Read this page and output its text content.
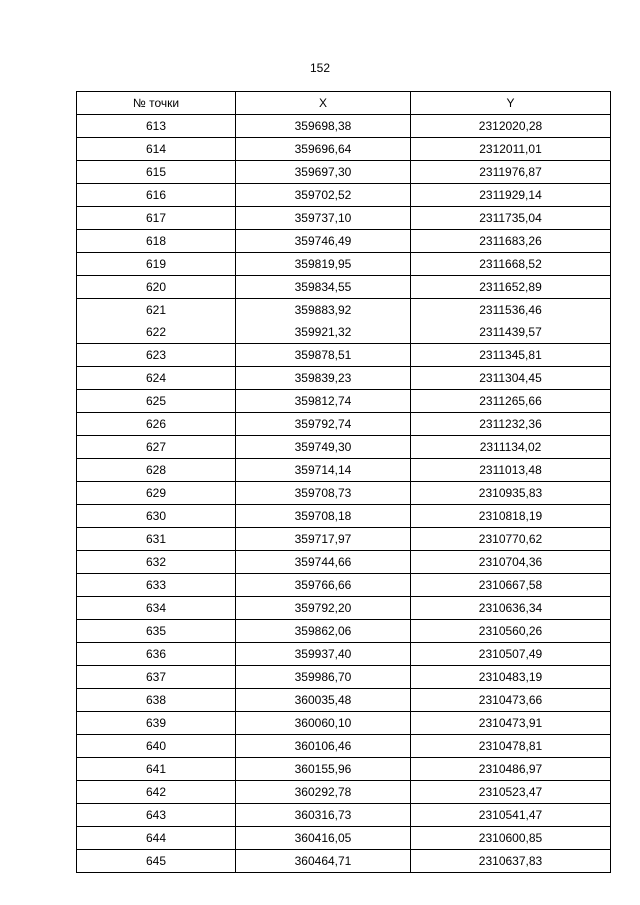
152
№ точки	X	Y
613	359698,38	2312020,28
614	359696,64	2312011,01
615	359697,30	2311976,87
616	359702,52	2311929,14
617	359737,10	2311735,04
618	359746,49	2311683,26
619	359819,95	2311668,52
620	359834,55	2311652,89
621	359883,92	2311536,46
622	359921,32	2311439,57
623	359878,51	2311345,81
624	359839,23	2311304,45
625	359812,74	2311265,66
626	359792,74	2311232,36
627	359749,30	2311134,02
628	359714,14	2311013,48
629	359708,73	2310935,83
630	359708,18	2310818,19
631	359717,97	2310770,62
632	359744,66	2310704,36
633	359766,66	2310667,58
634	359792,20	2310636,34
635	359862,06	2310560,26
636	359937,40	2310507,49
637	359986,70	2310483,19
638	360035,48	2310473,66
639	360060,10	2310473,91
640	360106,46	2310478,81
641	360155,96	2310486,97
642	360292,78	2310523,47
643	360316,73	2310541,47
644	360416,05	2310600,85
645	360464,71	2310637,83
